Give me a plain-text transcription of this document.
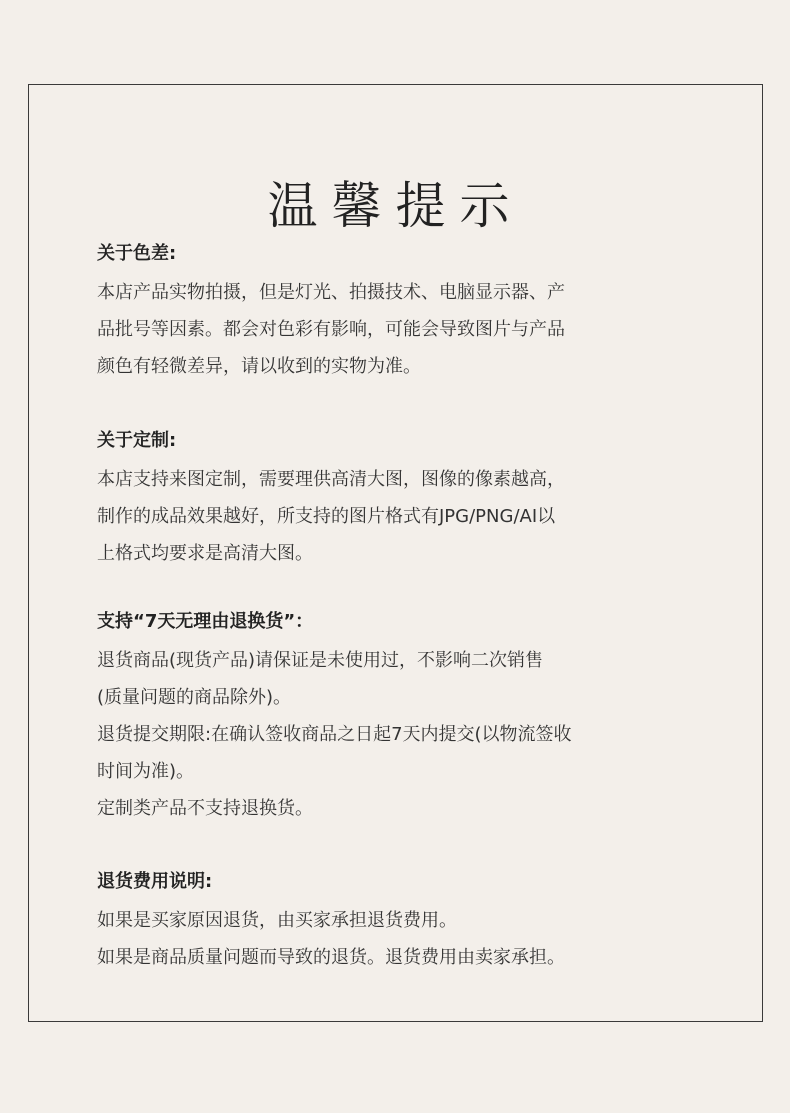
温馨提示
关于色差:
本店产品实物拍摄，但是灯光、拍摄技术、电脑显示器、产
品批号等因素。都会对色彩有影响，可能会导致图片与产品
颜色有轻微差异，请以收到的实物为准。
关于定制:
本店支持来图定制，需要理供高清大图，图像的像素越高，
制作的成品效果越好，所支持的图片格式有JPG/PNG/AI以
上格式均要求是高清大图。
支持“7天无理由退换货”：
退货商品(现货产品)请保证是未使用过，不影响二次销售
(质量问题的商品除外)。
退货提交期限:在确认签收商品之日起7天内提交(以物流签收
时间为准)。
定制类产品不支持退换货。
退货费用说明:
如果是买家原因退货，由买家承担退货费用。
如果是商品质量问题而导致的退货。退货费用由卖家承担。
